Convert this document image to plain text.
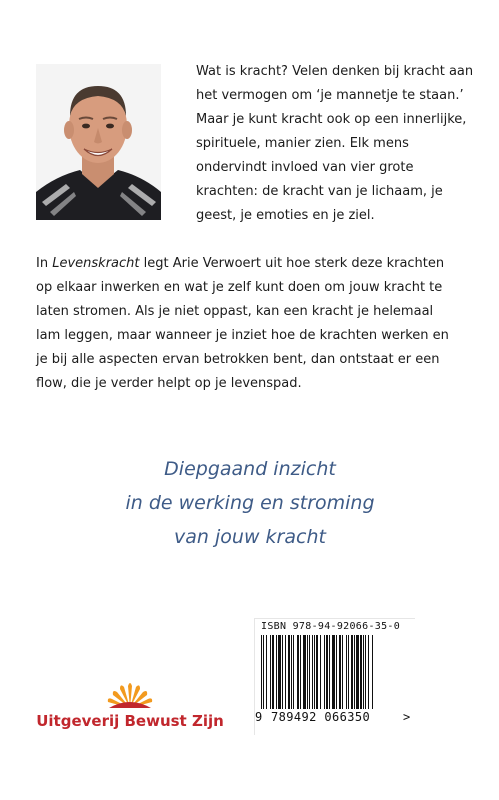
Wat is kracht? Velen denken bij kracht aan het vermogen om ‘je mannetje te staan.’ Maar je kunt kracht ook op een innerlijke, spirituele, manier zien. Elk mens ondervindt invloed van vier grote krachten: de kracht van je lichaam, je geest, je emoties en je ziel.

In Levenskracht legt Arie Verwoert uit hoe sterk deze krachten op elkaar inwerken en wat je zelf kunt doen om jouw kracht te laten stromen. Als je niet oppast, kan een kracht je helemaal lam leggen, maar wanneer je inziet hoe de krachten werken en je bij alle aspecten ervan betrokken bent, dan ontstaat er een flow, die je verder helpt op je levenspad.

Diepgaand inzicht
in de werking en stroming
van jouw kracht

Uitgeverij Bewust Zijn
ISBN 978-94-92066-35-0
9 789492 066350	>
